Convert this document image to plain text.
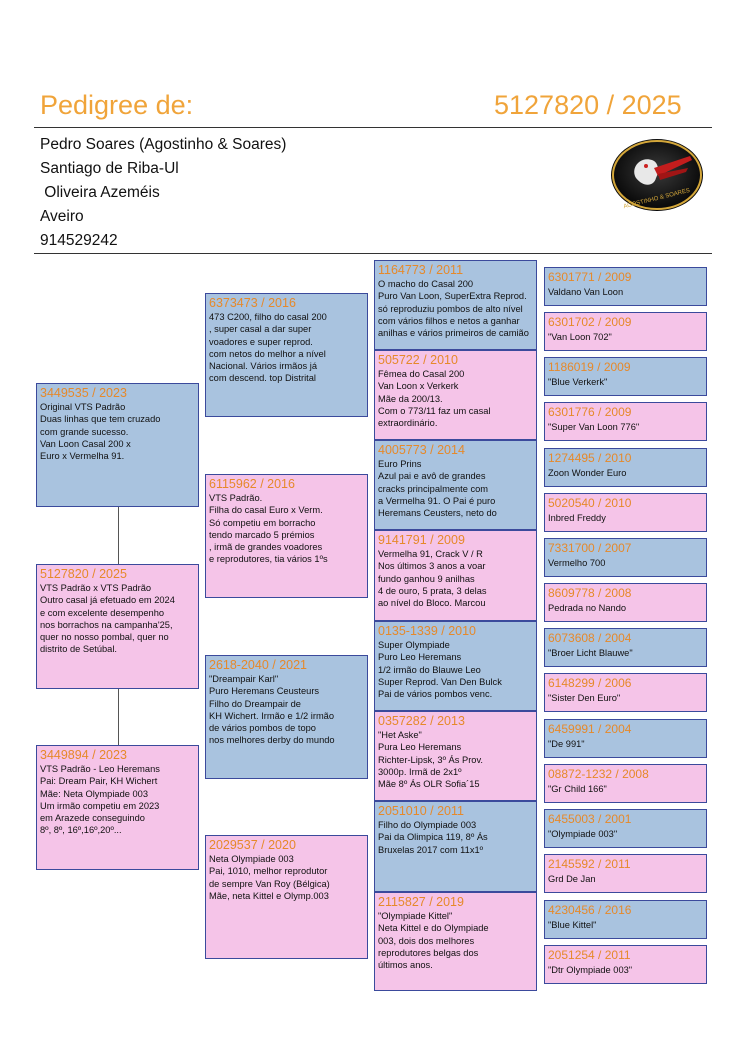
Pedigree de:	5127820 / 2025
Pedro Soares (Agostinho & Soares)
Santiago de Riba-Ul
Oliveira Azeméis
Aveiro
914529242
AGOSTINHO & SOARES
3449535 / 2023
Original VTS Padrão
Duas linhas que tem cruzado
com grande sucesso.
Van Loon Casal 200 x
Euro x Vermelha 91.
5127820 / 2025
VTS Padrão x VTS Padrão
Outro casal já efetuado em 2024
e com excelente desempenho
nos borrachos na campanha'25,
quer no nosso pombal, quer no
distrito de Setúbal.
3449894 / 2023
VTS Padrão - Leo Heremans
Pai: Dream Pair, KH Wichert
Mãe: Neta Olympiade 003
Um irmão competiu em 2023
em Arazede conseguindo
8º, 8º, 16º,16º,20º...
6373473 / 2016
473 C200, filho do casal 200
, super casal a dar super
voadores e super reprod.
com netos do melhor a nível
Nacional. Vários irmãos já
com descend. top Distrital
6115962 / 2016
VTS Padrão.
Filha do casal Euro x Verm.
Só competiu em borracho
tendo marcado 5 prémios
, irmã de grandes voadores
e reprodutores, tia vários 1ºs
2618-2040 / 2021
"Dreampair Karl"
Puro Heremans Ceusteurs
Filho do Dreampair de
KH Wichert. Irmão e 1/2 irmão
de vários pombos de topo
nos melhores derby do mundo
2029537 / 2020
Neta Olympiade 003
Pai, 1010, melhor reprodutor
de sempre Van Roy (Bélgica)
Mãe, neta Kittel e Olymp.003
1164773 / 2011
O macho do Casal 200
Puro Van Loon, SuperExtra Reprod.
só reproduziu pombos de alto nível
com vários filhos e netos a ganhar
anilhas e vários primeiros de camião
505722 / 2010
Fêmea do Casal 200
Van Loon x Verkerk
Mãe da 200/13.
Com o 773/11 faz um casal
extraordinário.
4005773 / 2014
Euro Prins
Azul pai e avô de grandes
cracks principalmente com
a Vermelha 91. O Pai é puro
Heremans Ceusters, neto do
9141791 / 2009
Vermelha 91, Crack V / R
Nos últimos 3 anos a voar
fundo ganhou 9 anilhas
4 de ouro, 5 prata, 3 delas
ao nível do Bloco. Marcou
0135-1339 / 2010
Super Olympiade
Puro Leo Heremans
1/2 irmão do Blauwe Leo
Super Reprod. Van Den Bulck
Pai de vários pombos venc.
0357282 / 2013
"Het Aske"
Pura Leo Heremans
Richter-Lipsk, 3º Ás Prov.
3000p. Irmã de 2x1º
Mãe 8º Ás OLR Sofia´15
2051010 / 2011
Filho do Olympiade 003
Pai da Olimpica 119, 8º Ás
Bruxelas 2017 com 11x1º
2115827 / 2019
"Olympiade Kittel"
Neta Kittel e do Olympiade
003, dois dos melhores
reprodutores belgas dos
últimos anos.
6301771 / 2009
Valdano Van Loon
6301702 / 2009
"Van Loon 702"
1186019 / 2009
"Blue Verkerk"
6301776 / 2009
"Super Van Loon 776"
1274495 / 2010
Zoon Wonder Euro
5020540 / 2010
Inbred Freddy
7331700 / 2007
Vermelho 700
8609778 / 2008
Pedrada no Nando
6073608 / 2004
"Broer Licht Blauwe"
6148299 / 2006
"Sister Den Euro"
6459991 / 2004
"De 991"
08872-1232 / 2008
"Gr Child 166"
6455003 / 2001
"Olympiade 003"
2145592 / 2011
Grd De Jan
4230456 / 2016
"Blue Kittel"
2051254 / 2011
"Dtr Olympiade 003"
